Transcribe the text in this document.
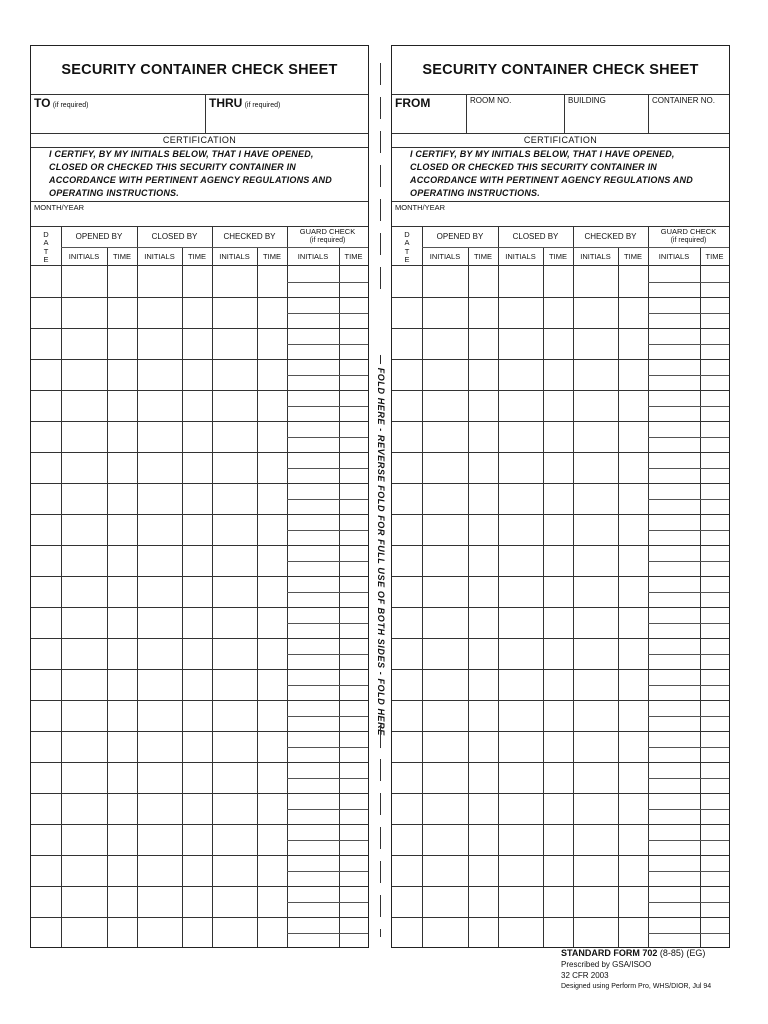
SECURITY CONTAINER CHECK SHEET
TO (if required)	THRU (if required)
CERTIFICATION
I CERTIFY, BY MY INITIALS BELOW, THAT I HAVE OPENED,
CLOSED OR CHECKED THIS SECURITY CONTAINER IN
ACCORDANCE WITH PERTINENT AGENCY REGULATIONS AND
OPERATING INSTRUCTIONS.
MONTH/YEAR
D
A
T
E
OPENED BY	CLOSED BY	CHECKED BY
GUARD CHECK
(if required)
INITIALS	TIME	INITIALS	TIME	INITIALS	TIME	INITIALS	TIME
— FOLD HERE - REVERSE FOLD FOR FULL USE OF BOTH SIDES - FOLD HERE —
SECURITY CONTAINER CHECK SHEET
FROM	ROOM NO.	BUILDING	CONTAINER NO.
CERTIFICATION
I CERTIFY, BY MY INITIALS BELOW, THAT I HAVE OPENED,
CLOSED OR CHECKED THIS SECURITY CONTAINER IN
ACCORDANCE WITH PERTINENT AGENCY REGULATIONS AND
OPERATING INSTRUCTIONS.
MONTH/YEAR
D
A
T
E
OPENED BY	CLOSED BY	CHECKED BY
GUARD CHECK
(if required)
INITIALS	TIME	INITIALS	TIME	INITIALS	TIME	INITIALS	TIME
STANDARD FORM 702 (8-85) (EG)
Prescribed by GSA/ISOO
32 CFR 2003
Designed using Perform Pro, WHS/DIOR, Jul 94
